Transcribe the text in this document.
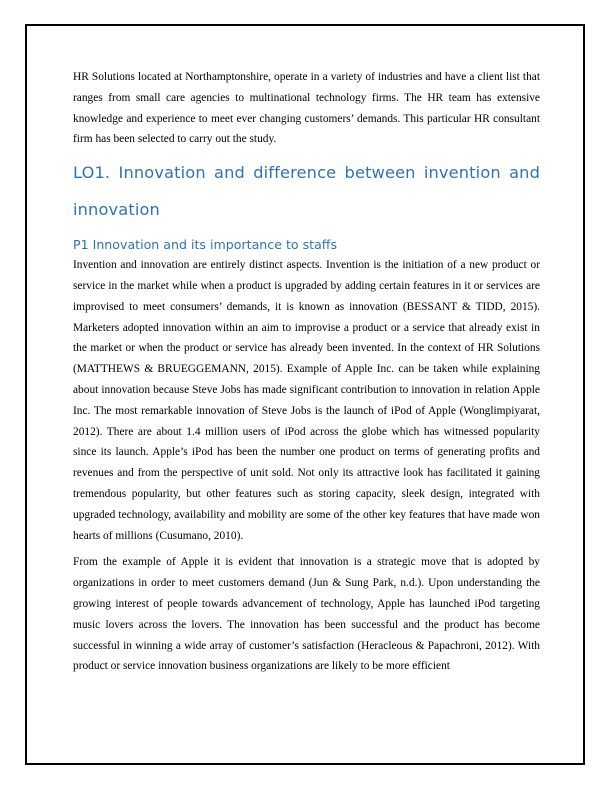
HR Solutions located at Northamptonshire, operate in a variety of industries and have a client list that ranges from small care agencies to multinational technology firms. The HR team has extensive knowledge and experience to meet ever changing customers’ demands. This particular HR consultant firm has been selected to carry out the study.

LO1. Innovation and difference between invention and innovation
P1 Innovation and its importance to staffs

Invention and innovation are entirely distinct aspects. Invention is the initiation of a new product or service in the market while when a product is upgraded by adding certain features in it or services are improvised to meet consumers’ demands, it is known as innovation (BESSANT & TIDD, 2015). Marketers adopted innovation within an aim to improvise a product or a service that already exist in the market or when the product or service has already been invented. In the context of HR Solutions (MATTHEWS & BRUEGGEMANN, 2015). Example of Apple Inc. can be taken while explaining about innovation because Steve Jobs has made significant contribution to innovation in relation Apple Inc. The most remarkable innovation of Steve Jobs is the launch of iPod of Apple (Wonglimpiyarat, 2012). There are about 1.4 million users of iPod across the globe which has witnessed popularity since its launch. Apple’s iPod has been the number one product on terms of generating profits and revenues and from the perspective of unit sold. Not only its attractive look has facilitated it gaining tremendous popularity, but other features such as storing capacity, sleek design, integrated with upgraded technology, availability and mobility are some of the other key features that have made won hearts of millions (Cusumano, 2010).

From the example of Apple it is evident that innovation is a strategic move that is adopted by organizations in order to meet customers demand (Jun & Sung Park, n.d.). Upon understanding the growing interest of people towards advancement of technology, Apple has launched iPod targeting music lovers across the lovers. The innovation has been successful and the product has become successful in winning a wide array of customer’s satisfaction (Heracleous & Papachroni, 2012). With product or service innovation business organizations are likely to be more efficient
